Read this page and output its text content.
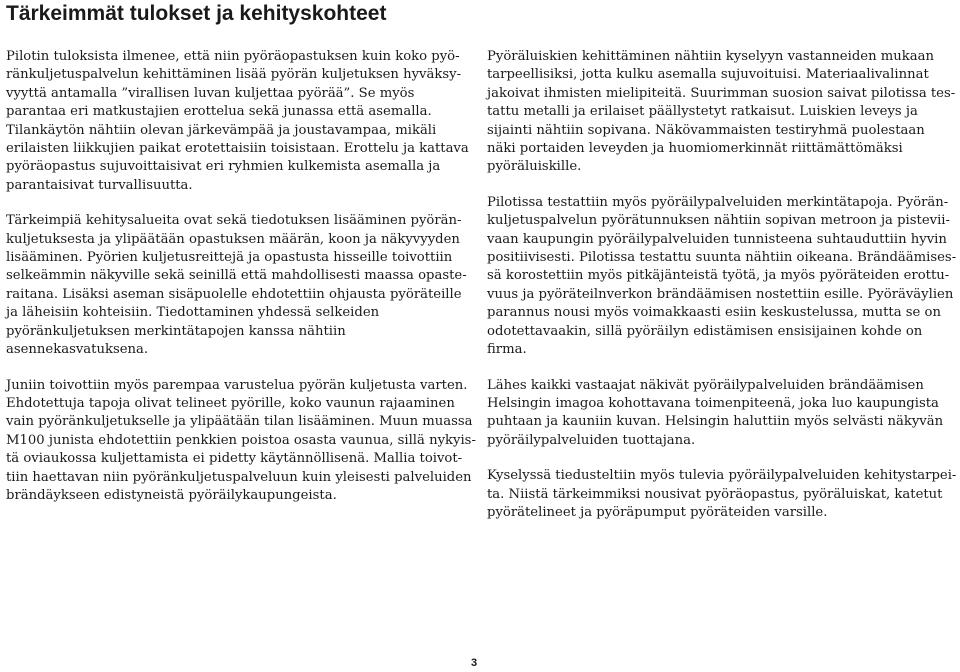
Tärkeimmät tulokset ja kehityskohteet

Pilotin tuloksista ilmenee, että niin pyöräopastuksen kuin koko pyöränkuljetuspalvelun kehittäminen lisää pyörän kuljetuksen hyväksyvyyttä antamalla ”virallisen luvan kuljettaa pyörää”. Se myös parantaa eri matkustajien erottelua sekä junassa että asemalla. Tilankäytön nähtiin olevan järkevämpää ja joustavampaa, mikäli erilaisten liikkujien paikat erotettaisiin toisistaan. Erottelu ja kattava pyöräopastus sujuvoittaisivat eri ryhmien kulkemista asemalla ja parantaisivat turvallisuutta.

Tärkeimpiä kehitysalueita ovat sekä tiedotuksen lisääminen pyöränkuljetuksesta ja ylipäätään opastuksen määrän, koon ja näkyvyyden lisääminen. Pyörien kuljetusreittejä ja opastusta hisseille toivottiin selkeämmin näkyville sekä seinillä että mahdollisesti maassa opasteraitana. Lisäksi aseman sisäpuolelle ehdotettiin ohjausta pyöräteille ja läheisiin kohteisiin. Tiedottaminen yhdessä selkeiden pyöränkuljetuksen merkintätapojen kanssa nähtiin asennekasvatuksena.

Juniin toivottiin myös parempaa varustelua pyörän kuljetusta varten. Ehdotettuja tapoja olivat telineet pyörille, koko vaunun rajaaminen vain pyöränkuljetukselle ja ylipäätään tilan lisääminen. Muun muassa M100 junista ehdotettiin penkkien poistoa osasta vaunua, sillä nykyistä oviaukossa kuljettamista ei pidetty käytännöllisenä. Mallia toivottiin haettavan niin pyöränkuljetuspalveluun kuin yleisesti palveluiden brändäykseen edistyneistä pyöräilykaupungeista.

Pyöräluiskien kehittäminen nähtiin kyselyyn vastanneiden mukaan tarpeellisiksi, jotta kulku asemalla sujuvoituisi. Materiaalivalinnat jakoivat ihmisten mielipiteitä. Suurimman suosion saivat pilotissa testattu metalli ja erilaiset päällystetyt ratkaisut. Luiskien leveys ja sijainti nähtiin sopivana. Näkövammaisten testiryhmä puolestaan näki portaiden leveyden ja huomiomerkinnät riittämättömäksi pyöräluiskille.

Pilotissa testattiin myös pyöräilypalveluiden merkintätapoja. Pyöränkuljetuspalvelun pyörätunnuksen nähtiin sopivan metroon ja pisteviivaan kaupungin pyöräilypalveluiden tunnisteena suhtauduttiin hyvin positiivisesti. Pilotissa testattu suunta nähtiin oikeana. Brändäämisessä korostettiin myös pitkäjänteistä työtä, ja myös pyöräteiden erottuvuus ja pyöräteilnverkon brändäämisen nostettiin esille. Pyöräväylien parannus nousi myös voimakkaasti esiin keskustelussa, mutta se on odotettavaakin, sillä pyöräilyn edistämisen ensisijainen kohde on firma.

Lähes kaikki vastaajat näkivät pyöräilypalveluiden brändäämisen Helsingin imagoa kohottavana toimenpiteenä, joka luo kaupungista puhtaan ja kauniin kuvan. Helsingin haluttiin myös selvästi näkyvän pyöräilypalveluiden tuottajana.

Kyselyssä tiedusteltiin myös tulevia pyöräilypalveluiden kehitystarpeita. Niistä tärkeimmiksi nousivat pyöräopastus, pyöräluiskat, katetut pyörätelineet ja pyöräpumput pyöräteiden varsille.

3
